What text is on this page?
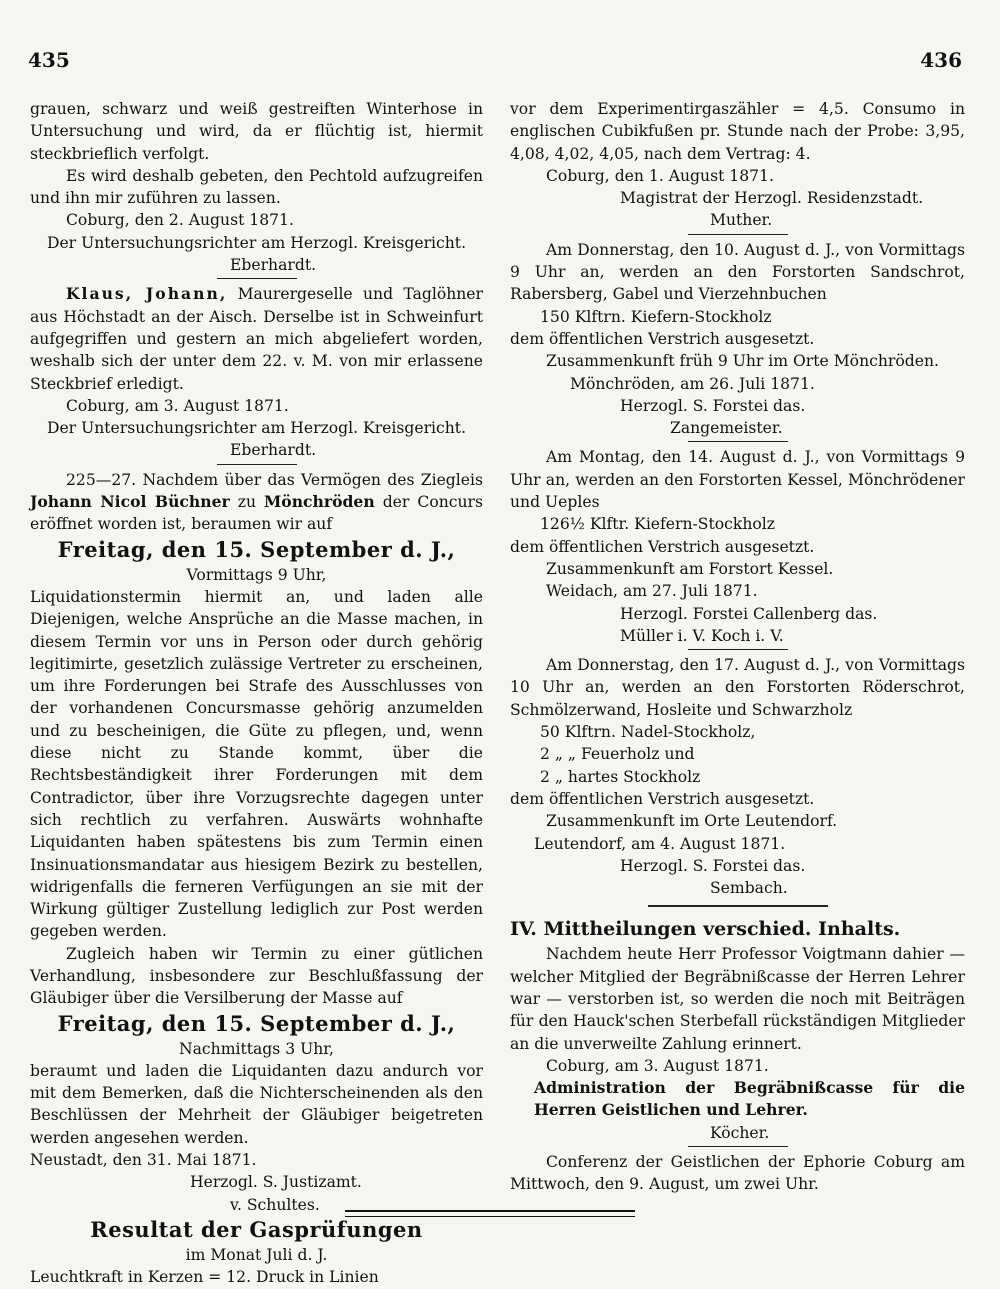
435	436

grauen, schwarz und weiß gestreiften Winterhose in Untersuchung und wird, da er flüchtig ist, hiermit steckbrieflich verfolgt.

Es wird deshalb gebeten, den Pechtold aufzugreifen und ihn mir zuführen zu lassen.

Coburg, den 2. August 1871.

Der Untersuchungsrichter am Herzogl. Kreisgericht.

Eberhardt.

Klaus, Johann, Maurergeselle und Taglöhner aus Höchstadt an der Aisch. Derselbe ist in Schweinfurt aufgegriffen und gestern an mich abgeliefert worden, weshalb sich der unter dem 22. v. M. von mir erlassene Steckbrief erledigt.

Coburg, am 3. August 1871.

Der Untersuchungsrichter am Herzogl. Kreisgericht.

Eberhardt.

225—27. Nachdem über das Vermögen des Ziegleis Johann Nicol Büchner zu Mönchröden der Concurs eröffnet worden ist, beraumen wir auf

Freitag, den 15. September d. J.,

Vormittags 9 Uhr,

Liquidationstermin hiermit an, und laden alle Diejenigen, welche Ansprüche an die Masse machen, in diesem Termin vor uns in Person oder durch gehörig legitimirte, gesetzlich zulässige Vertreter zu erscheinen, um ihre Forderungen bei Strafe des Ausschlusses von der vorhandenen Concursmasse gehörig anzumelden und zu bescheinigen, die Güte zu pflegen, und, wenn diese nicht zu Stande kommt, über die Rechtsbeständigkeit ihrer Forderungen mit dem Contradictor, über ihre Vorzugsrechte dagegen unter sich rechtlich zu verfahren. Auswärts wohnhafte Liquidanten haben spätestens bis zum Termin einen Insinuationsmandatar aus hiesigem Bezirk zu bestellen, widrigenfalls die ferneren Verfügungen an sie mit der Wirkung gültiger Zustellung lediglich zur Post werden gegeben werden.

Zugleich haben wir Termin zu einer gütlichen Verhandlung, insbesondere zur Beschlußfassung der Gläubiger über die Versilberung der Masse auf

Freitag, den 15. September d. J.,

Nachmittags 3 Uhr,

beraumt und laden die Liquidanten dazu andurch vor mit dem Bemerken, daß die Nichterscheinenden als den Beschlüssen der Mehrheit der Gläubiger beigetreten werden angesehen werden.

Neustadt, den 31. Mai 1871.

Herzogl. S. Justizamt.

v. Schultes.

Resultat der Gasprüfungen

im Monat Juli d. J.

Leuchtkraft in Kerzen = 12. Druck in Linien

vor dem Experimentirgaszähler = 4,5. Consumo in englischen Cubikfußen pr. Stunde nach der Probe: 3,95, 4,08, 4,02, 4,05, nach dem Vertrag: 4.

Coburg, den 1. August 1871.

Magistrat der Herzogl. Residenzstadt.

Muther.

Am Donnerstag, den 10. August d. J., von Vormittags 9 Uhr an, werden an den Forstorten Sandschrot, Rabersberg, Gabel und Vierzehnbuchen

150 Klftrn. Kiefern-Stockholz

dem öffentlichen Verstrich ausgesetzt.

Zusammenkunft früh 9 Uhr im Orte Mönchröden.

Mönchröden, am 26. Juli 1871.

Herzogl. S. Forstei das.

Zangemeister.

Am Montag, den 14. August d. J., von Vormittags 9 Uhr an, werden an den Forstorten Kessel, Mönchrödener und Ueples

126½ Klftr. Kiefern-Stockholz

dem öffentlichen Verstrich ausgesetzt.

Zusammenkunft am Forstort Kessel.

Weidach, am 27. Juli 1871.

Herzogl. Forstei Callenberg das.

Müller i. V. Koch i. V.

Am Donnerstag, den 17. August d. J., von Vormittags 10 Uhr an, werden an den Forstorten Röderschrot, Schmölzerwand, Hosleite und Schwarzholz

50 Klftrn. Nadel-Stockholz,

2 „ „ Feuerholz und

2 „ hartes Stockholz

dem öffentlichen Verstrich ausgesetzt.

Zusammenkunft im Orte Leutendorf.

Leutendorf, am 4. August 1871.

Herzogl. S. Forstei das.

Sembach.

IV. Mittheilungen verschied. Inhalts.

Nachdem heute Herr Professor Voigtmann dahier — welcher Mitglied der Begräbnißcasse der Herren Lehrer war — verstorben ist, so werden die noch mit Beiträgen für den Hauck'schen Sterbefall rückständigen Mitglieder an die unverweilte Zahlung erinnert.

Coburg, am 3. August 1871.

Administration der Begräbnißcasse für die Herren Geistlichen und Lehrer.

Köcher.

Conferenz der Geistlichen der Ephorie Coburg am Mittwoch, den 9. August, um zwei Uhr.
